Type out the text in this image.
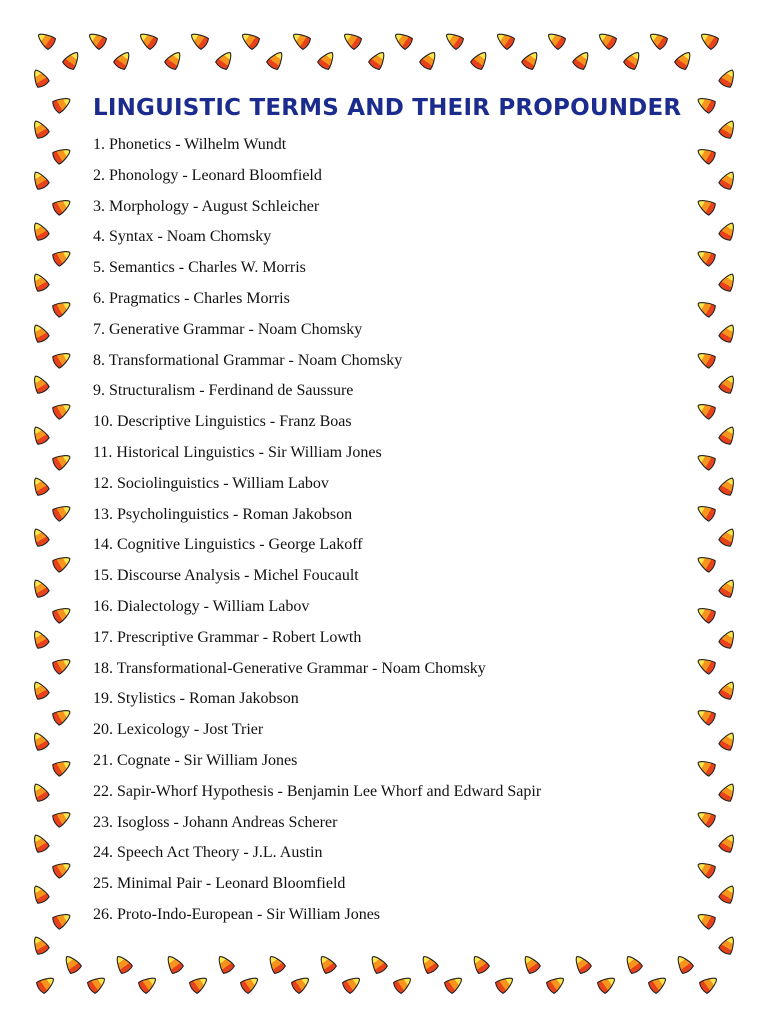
LINGUISTIC TERMS AND THEIR PROPOUNDER
1. Phonetics - Wilhelm Wundt
2. Phonology - Leonard Bloomfield
3. Morphology - August Schleicher
4. Syntax - Noam Chomsky
5. Semantics - Charles W. Morris
6. Pragmatics - Charles Morris
7. Generative Grammar - Noam Chomsky
8. Transformational Grammar - Noam Chomsky
9. Structuralism - Ferdinand de Saussure
10. Descriptive Linguistics - Franz Boas
11. Historical Linguistics - Sir William Jones
12. Sociolinguistics - William Labov
13. Psycholinguistics - Roman Jakobson
14. Cognitive Linguistics - George Lakoff
15. Discourse Analysis - Michel Foucault
16. Dialectology - William Labov
17. Prescriptive Grammar - Robert Lowth
18. Transformational-Generative Grammar - Noam Chomsky
19. Stylistics - Roman Jakobson
20. Lexicology - Jost Trier
21. Cognate - Sir William Jones
22. Sapir-Whorf Hypothesis - Benjamin Lee Whorf and Edward Sapir
23. Isogloss - Johann Andreas Scherer
24. Speech Act Theory - J.L. Austin
25. Minimal Pair - Leonard Bloomfield
26. Proto-Indo-European - Sir William Jones
